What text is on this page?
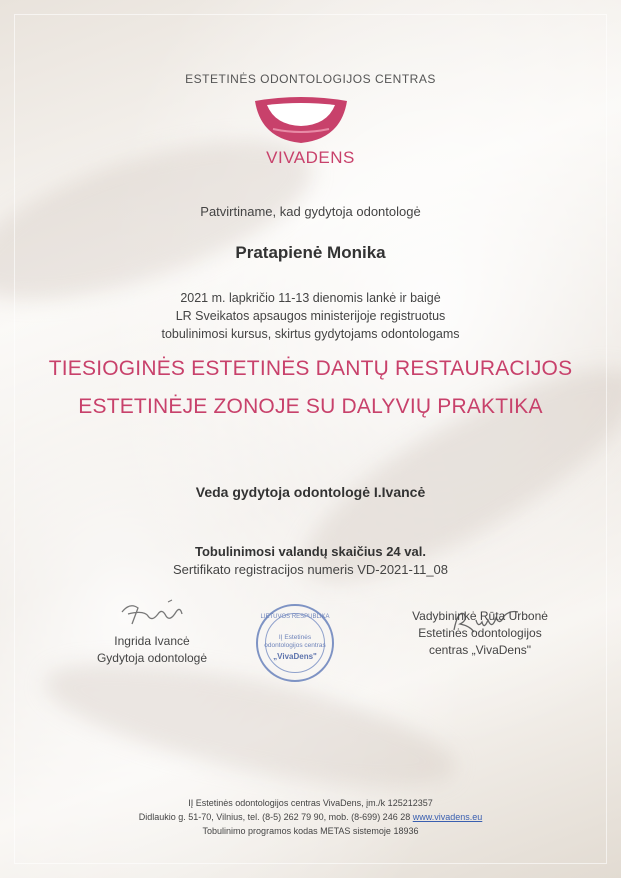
ESTETINĖS ODONTOLOGIJOS CENTRAS
VIVADENS
Patvirtiname, kad gydytoja odontologė
Pratapienė Monika
2021 m. lapkričio 11-13 dienomis lankė ir baigė
LR Sveikatos apsaugos ministerijoje registruotus
tobulinimosi kursus, skirtus gydytojams odontologams
TIESIOGINĖS ESTETINĖS DANTŲ RESTAURACIJOS
ESTETINĖJE ZONOJE SU DALYVIŲ PRAKTIKA
Veda gydytoja odontologė I.Ivancė
Tobulinimosi valandų skaičius 24 val.
Sertifikato registracijos numeris VD-2021-11_08
Ingrida Ivancė
Gydytoja odontologė
LIETUVOS RESPUBLIKA
IĮ Estetinės
odontologijos centras
„VivaDens"
Vadybininkė Rūta Urbonė
Estetinės odontologijos
centras „VivaDens"
IĮ Estetinės odontologijos centras VivaDens, įm./k 125212357
Didlaukio g. 51-70, Vilnius, tel. (8-5) 262 79 90, mob. (8-699) 246 28 www.vivadens.eu
Tobulinimo programos kodas METAS sistemoje 18936
